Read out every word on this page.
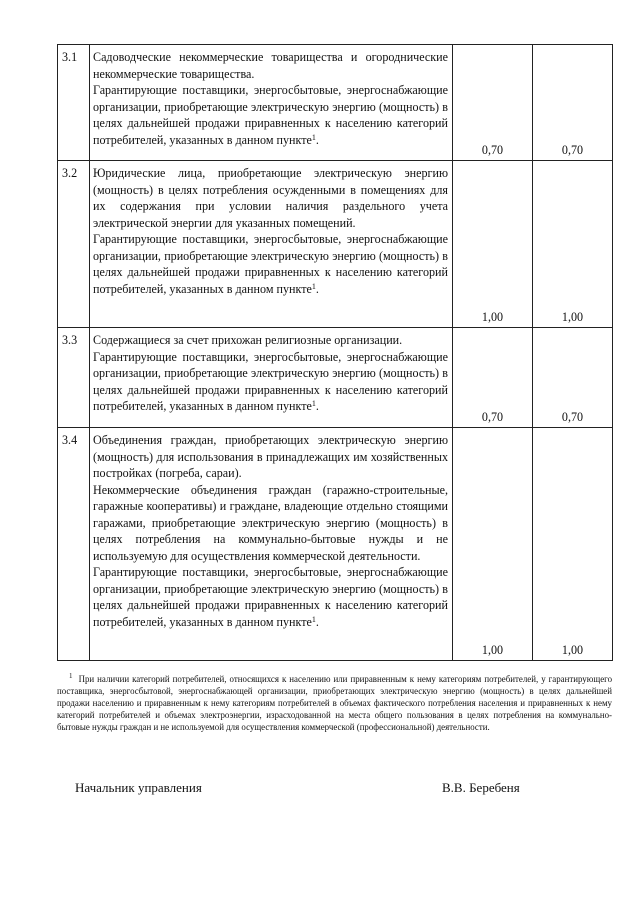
3.1	Садоводческие некоммерческие товарищества и огороднические некоммерческие товарищества.

Гарантирующие поставщики, энергосбытовые, энергоснабжающие организации, приобретающие электрическую энергию (мощность) в целях дальнейшей продажи приравненных к населению категорий потребителей, указанных в данном пункте$^1$.	0,70	0,70
3.2	Юридические лица, приобретающие электрическую энергию (мощность) в целях потребления осужденными в помещениях для их содержания при условии наличия раздельного учета электрической энергии для указанных помещений.

Гарантирующие поставщики, энергосбытовые, энергоснабжающие организации, приобретающие электрическую энергию (мощность) в целях дальнейшей продажи приравненных к населению категорий потребителей, указанных в данном пункте$^1$.	1,00	1,00
3.3	Содержащиеся за счет прихожан религиозные организации.

Гарантирующие поставщики, энергосбытовые, энергоснабжающие организации, приобретающие электрическую энергию (мощность) в целях дальнейшей продажи приравненных к населению категорий потребителей, указанных в данном пункте$^1$.	0,70	0,70
3.4	Объединения граждан, приобретающих электрическую энергию (мощность) для использования в принадлежащих им хозяйственных постройках (погреба, сараи).

Некоммерческие объединения граждан (гаражно-строительные, гаражные кооперативы) и граждане, владеющие отдельно стоящими гаражами, приобретающие электрическую энергию (мощность) в целях потребления на коммунально-бытовые нужды и не используемую для осуществления коммерческой деятельности.

Гарантирующие поставщики, энергосбытовые, энергоснабжающие организации, приобретающие электрическую энергию (мощность) в целях дальнейшей продажи приравненных к населению категорий потребителей, указанных в данном пункте$^1$.	1,00	1,00

$^1$ При наличии категорий потребителей, относящихся к населению или приравненным к нему категориям потребителей, у гарантирующего поставщика, энергосбытовой, энергоснабжающей организации, приобретающих электрическую энергию (мощность) в целях дальнейшей продажи населению и приравненным к нему категориям потребителей в объемах фактического потребления населения и приравненных к нему категорий потребителей и объемах электроэнергии, израсходованной на места общего пользования в целях потребления на коммунально-бытовые нужды граждан и не используемой для осуществления коммерческой (профессиональной) деятельности.

Начальник управления	В.В. Беребеня
